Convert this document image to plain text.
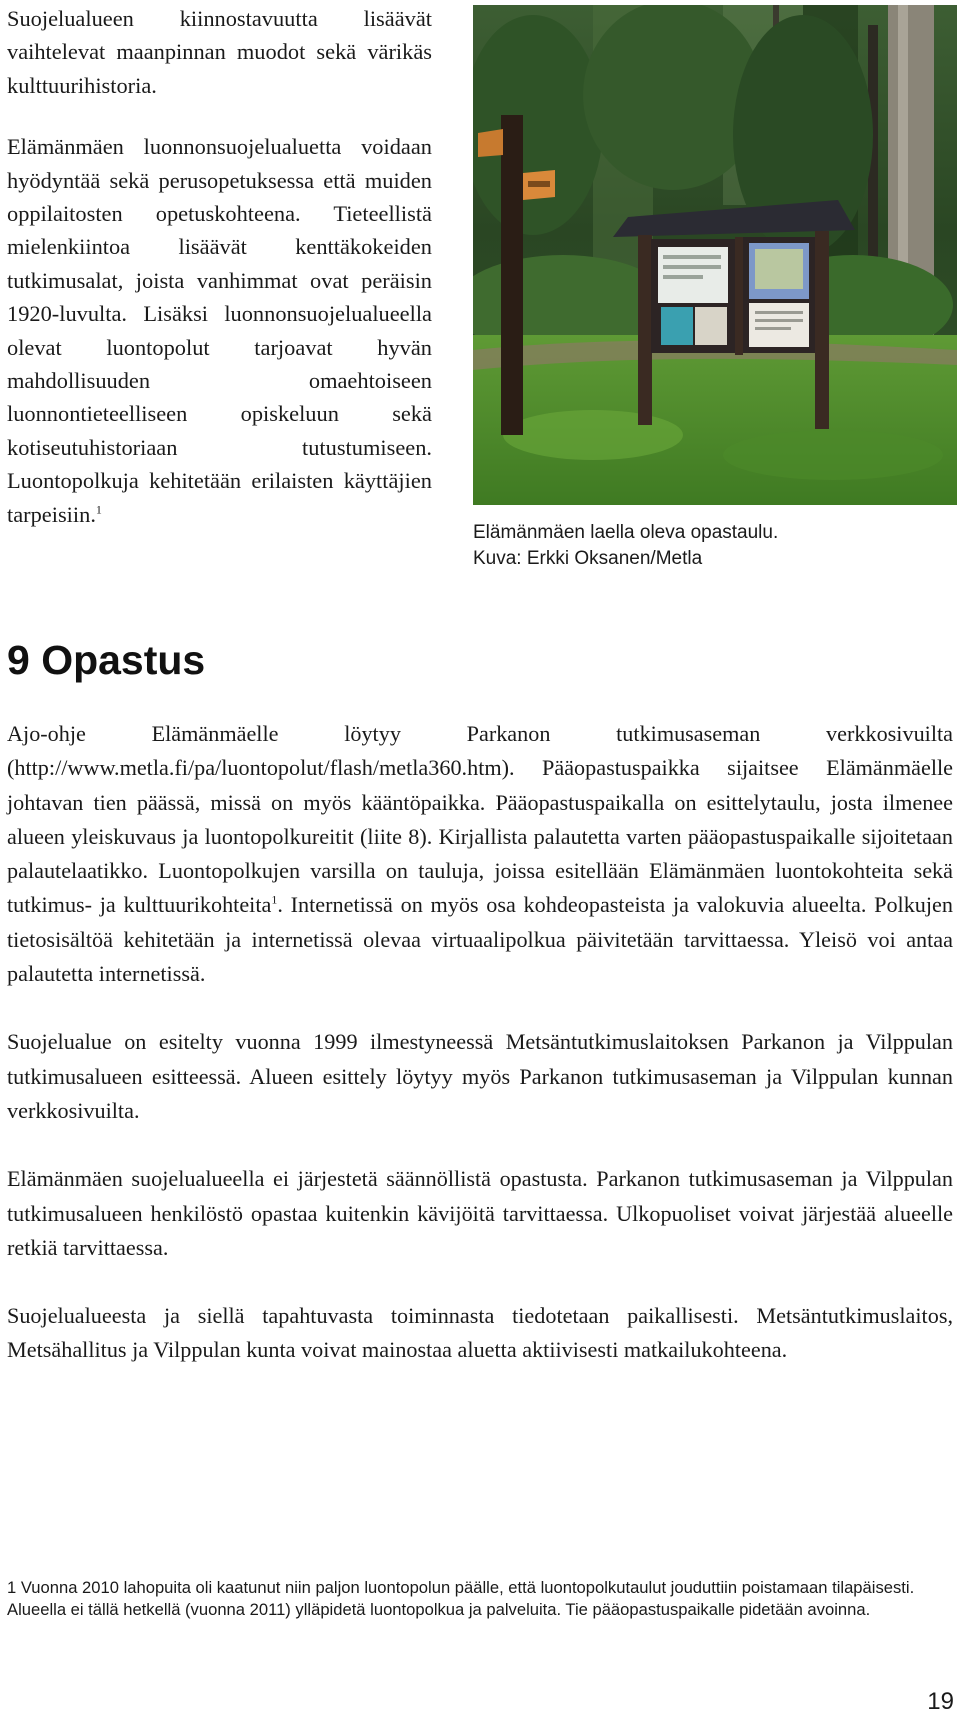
Suojelualueen kiinnostavuutta lisäävät vaihtelevat maanpinnan muodot sekä värikäs kulttuurihistoria.

Elämänmäen luonnonsuojelualuetta voidaan hyödyntää sekä perusopetuksessa että muiden oppilaitosten opetuskohteena. Tieteellistä mielenkiintoa lisäävät kenttäkokeiden tutkimusalat, joista vanhimmat ovat peräisin 1920-luvulta. Lisäksi luonnonsuojelualueella olevat luontopolut tarjoavat hyvän mahdollisuuden omaehtoiseen luonnontieteelliseen opiskeluun sekä kotiseutuhistoriaan tutustumiseen. Luontopolkuja kehitetään erilaisten käyttäjien tarpeisiin.$^1$

Elämänmäen laella oleva opastaulu.
Kuva: Erkki Oksanen/Metla
9 Opastus

Ajo-ohje Elämänmäelle löytyy Parkanon tutkimusaseman verkkosivuilta (http://www.metla.fi/pa/luontopolut/flash/metla360.htm). Pääopastuspaikka sijaitsee Elämänmäelle johtavan tien päässä, missä on myös kääntöpaikka. Pääopastuspaikalla on esittelytaulu, josta ilmenee alueen yleiskuvaus ja luontopolkureitit (liite 8). Kirjallista palautetta varten pääopastuspaikalle sijoitetaan palautelaatikko. Luontopolkujen varsilla on tauluja, joissa esitellään Elämänmäen luontokohteita sekä tutkimus- ja kulttuurikohteita$^1$. Internetissä on myös osa kohdeopasteista ja valokuvia alueelta. Polkujen tietosisältöä kehitetään ja internetissä olevaa virtuaalipolkua päivitetään tarvittaessa. Yleisö voi antaa palautetta internetissä.

Suojelualue on esitelty vuonna 1999 ilmestyneessä Metsäntutkimuslaitoksen Parkanon ja Vilppulan tutkimusalueen esitteessä. Alueen esittely löytyy myös Parkanon tutkimusaseman ja Vilppulan kunnan verkkosivuilta.

Elämänmäen suojelualueella ei järjestetä säännöllistä opastusta. Parkanon tutkimusaseman ja Vilppulan tutkimusalueen henkilöstö opastaa kuitenkin kävijöitä tarvittaessa. Ulkopuoliset voivat järjestää alueelle retkiä tarvittaessa.

Suojelualueesta ja siellä tapahtuvasta toiminnasta tiedotetaan paikallisesti. Metsäntutkimuslaitos, Metsähallitus ja Vilppulan kunta voivat mainostaa aluetta aktiivisesti matkailukohteena.

1 Vuonna 2010 lahopuita oli kaatunut niin paljon luontopolun päälle, että luontopolkutaulut jouduttiin poistamaan tilapäisesti. Alueella ei tällä hetkellä (vuonna 2011) ylläpidetä luontopolkua ja palveluita. Tie pääopastuspaikalle pidetään avoinna.
19
